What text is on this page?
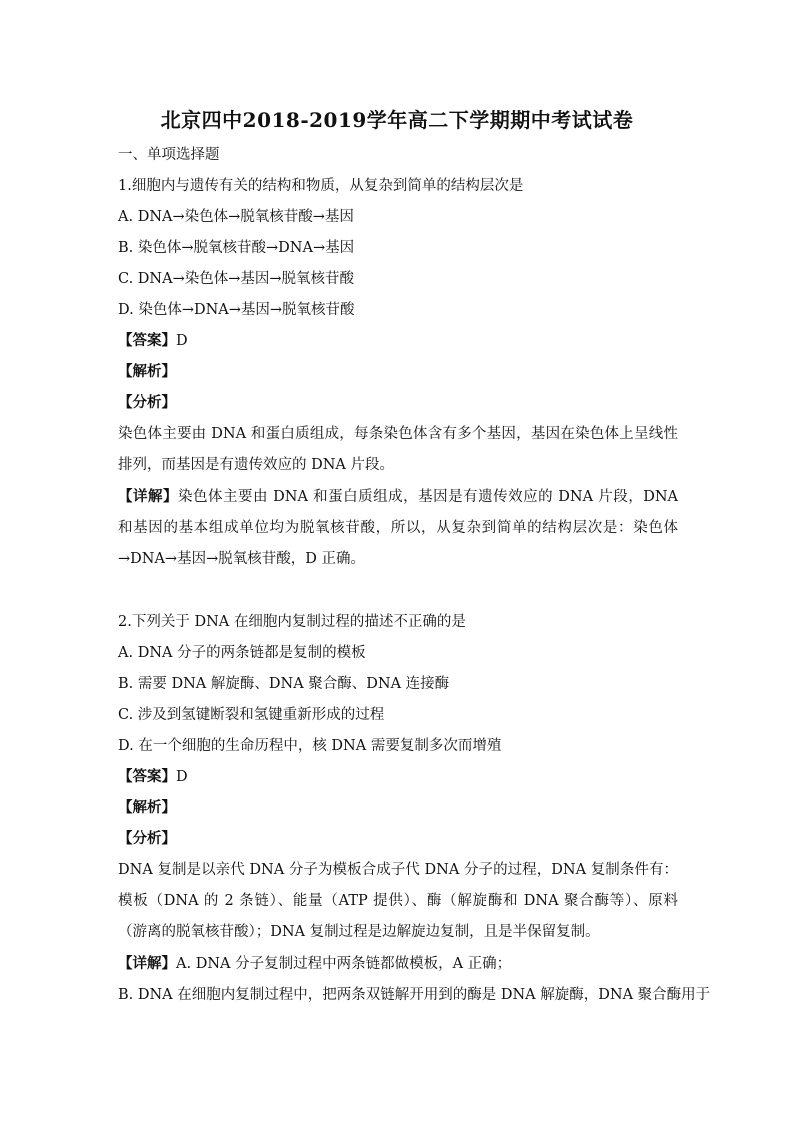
北京四中2018-2019学年高二下学期期中考试试卷
一、单项选择题
1.细胞内与遗传有关的结构和物质，从复杂到简单的结构层次是
A. DNA→染色体→脱氧核苷酸→基因
B. 染色体→脱氧核苷酸→DNA→基因
C. DNA→染色体→基因→脱氧核苷酸
D. 染色体→DNA→基因→脱氧核苷酸
【答案】D
【解析】
【分析】
染色体主要由 DNA 和蛋白质组成，每条染色体含有多个基因，基因在染色体上呈线性排列，而基因是有遗传效应的 DNA 片段。
【详解】染色体主要由 DNA 和蛋白质组成，基因是有遗传效应的 DNA 片段，DNA 和基因的基本组成单位均为脱氧核苷酸，所以，从复杂到简单的结构层次是：染色体→DNA→基因→脱氧核苷酸，D 正确。
2.下列关于 DNA 在细胞内复制过程的描述不正确的是
A. DNA 分子的两条链都是复制的模板
B. 需要 DNA 解旋酶、DNA 聚合酶、DNA 连接酶
C. 涉及到氢键断裂和氢键重新形成的过程
D. 在一个细胞的生命历程中，核 DNA 需要复制多次而增殖
【答案】D
【解析】
【分析】
DNA 复制是以亲代 DNA 分子为模板合成子代 DNA 分子的过程，DNA 复制条件有：模板（DNA 的 2 条链）、能量（ATP 提供）、酶（解旋酶和 DNA 聚合酶等）、原料（游离的脱氧核苷酸）；DNA 复制过程是边解旋边复制，且是半保留复制。
【详解】A. DNA 分子复制过程中两条链都做模板，A 正确；
B. DNA 在细胞内复制过程中，把两条双链解开用到的酶是 DNA 解旋酶，DNA 聚合酶用于
